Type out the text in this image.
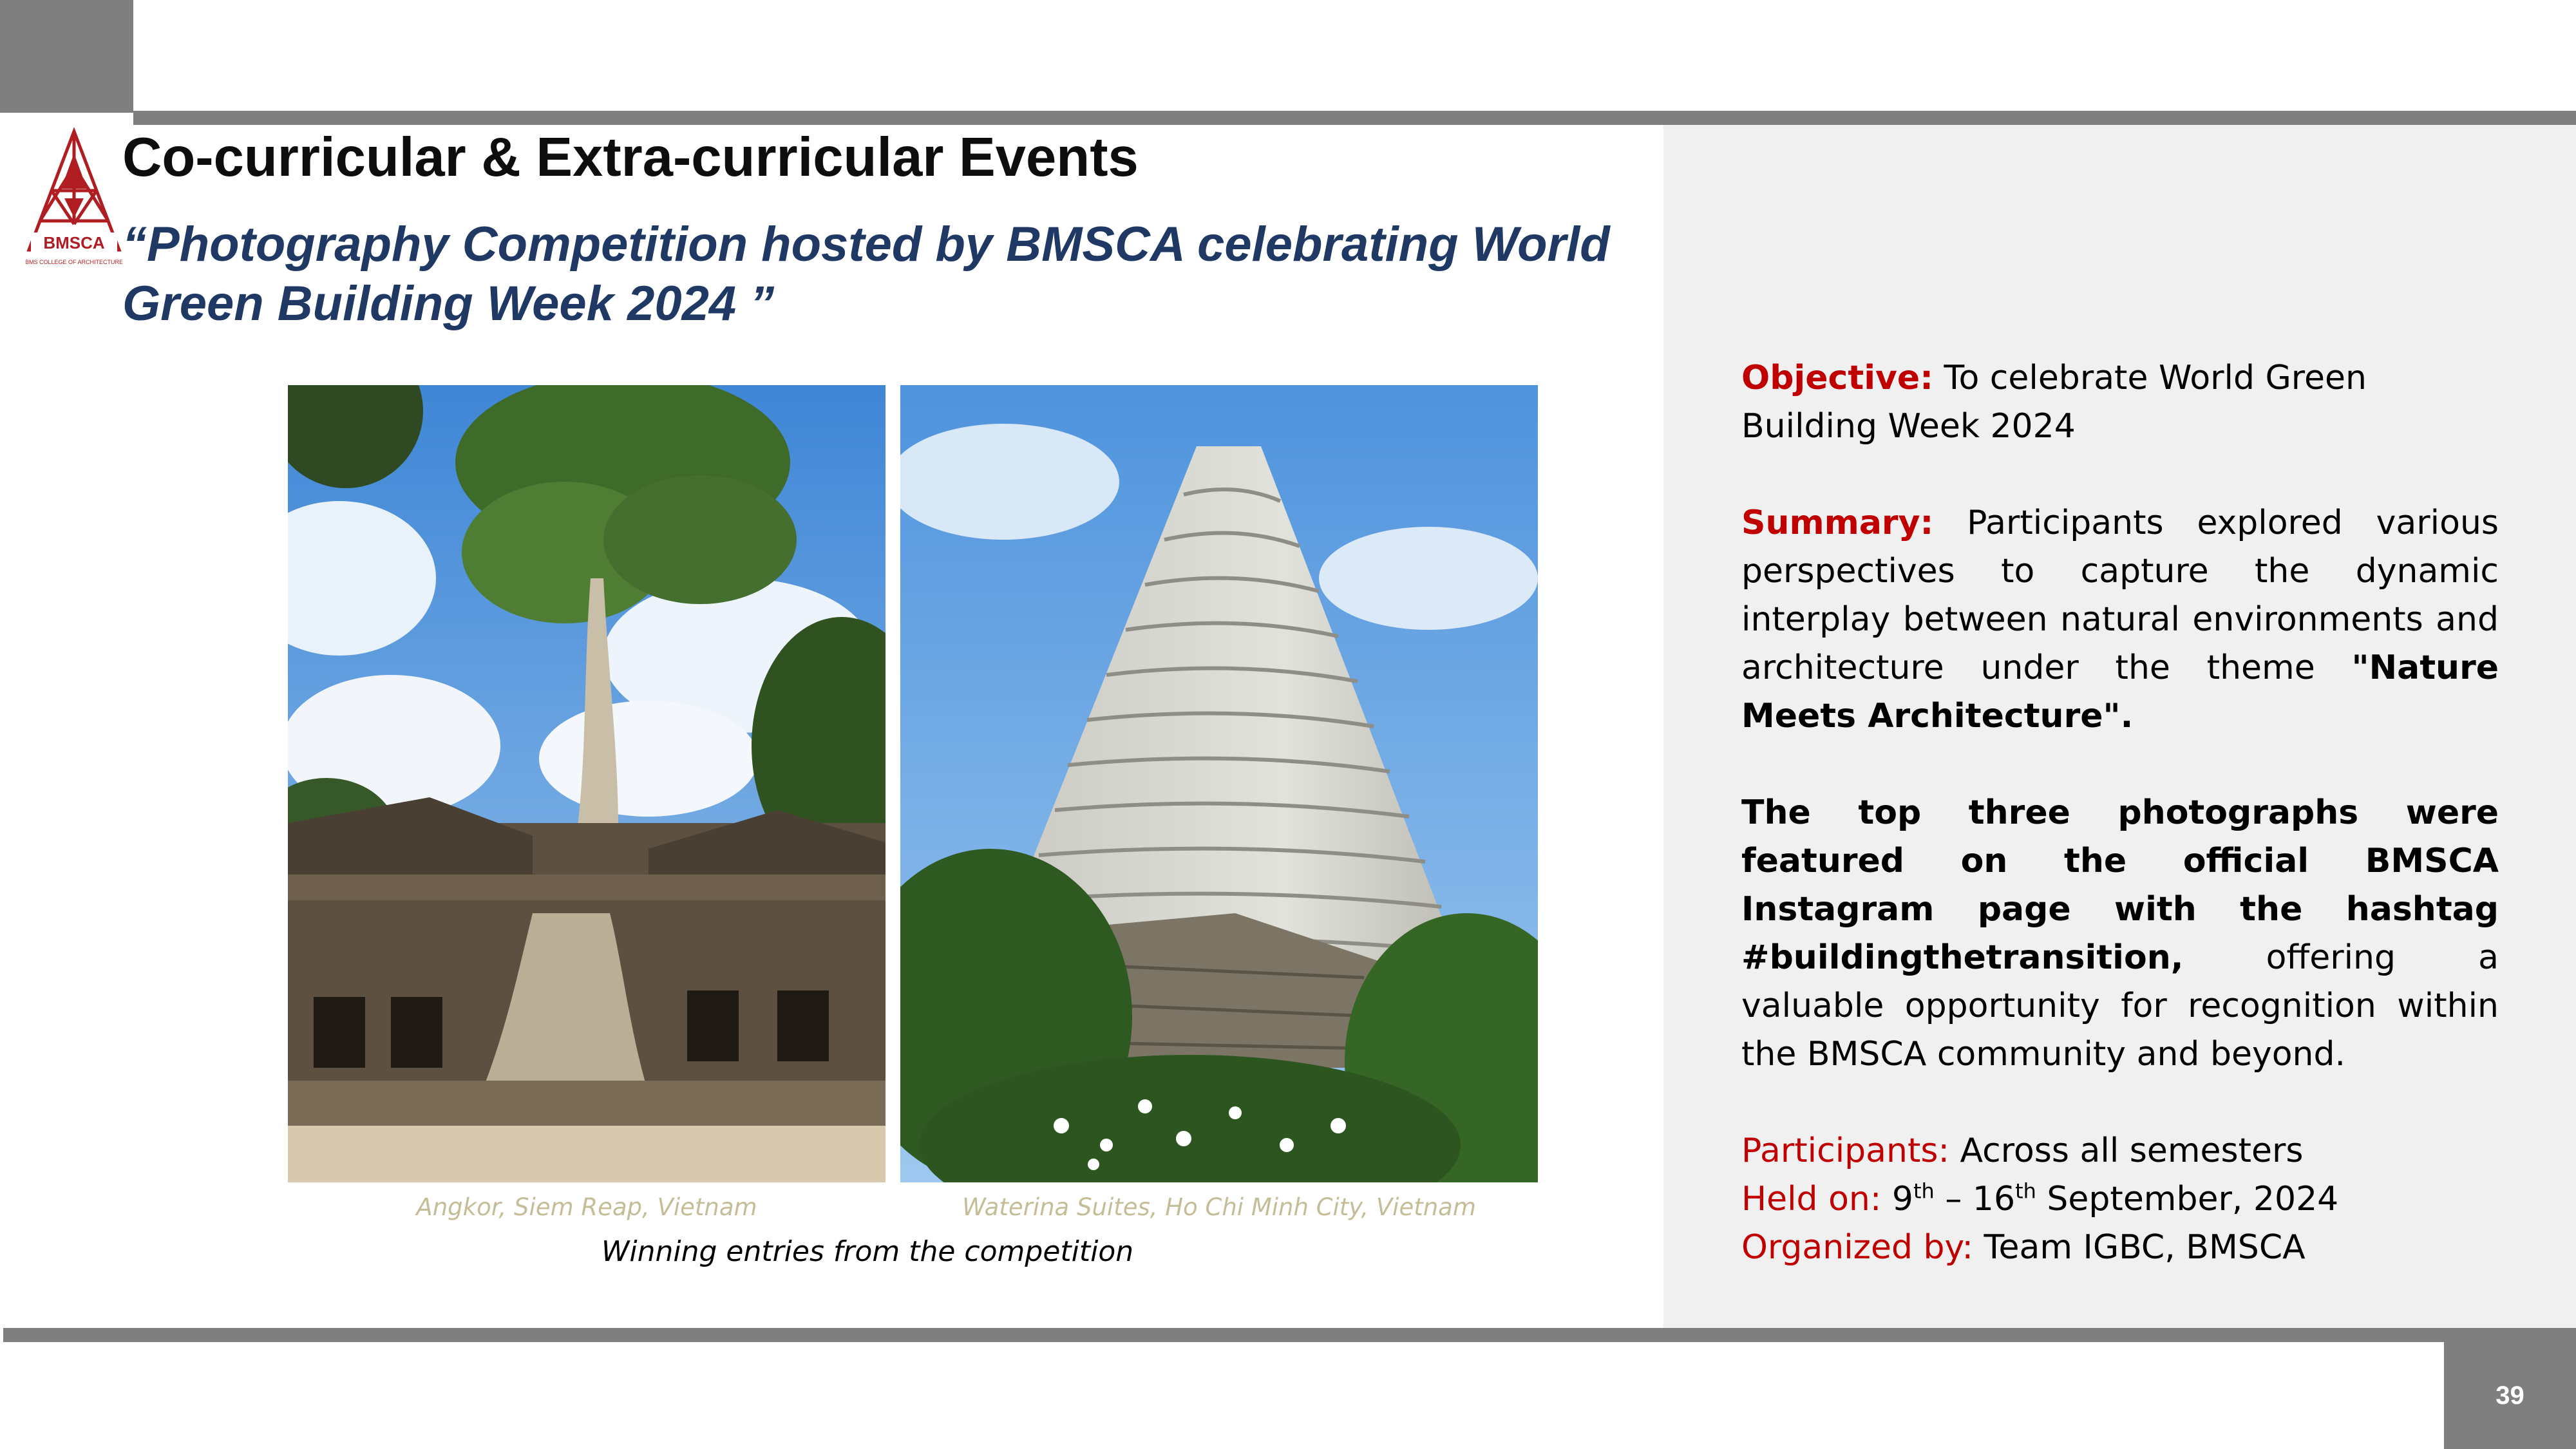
39
BMSCA
BMS COLLEGE OF ARCHITECTURE
Co-curricular & Extra-curricular Events
“Photography Competition hosted by BMSCA celebrating World Green Building Week 2024 ”
Angkor, Siem Reap, Vietnam	Waterina Suites, Ho Chi Minh City, Vietnam
Winning entries from the competition

Objective: To celebrate World Green Building Week 2024

Summary: Participants explored various perspectives to capture the dynamic interplay between natural environments and architecture under the theme "Nature Meets Architecture".

The top three photographs were featured on the official BMSCA Instagram page with the hashtag #buildingthetransition, offering a valuable opportunity for recognition within the BMSCA community and beyond.

Participants: Across all semesters

Held on: 9th – 16th September, 2024

Organized by: Team IGBC, BMSCA
